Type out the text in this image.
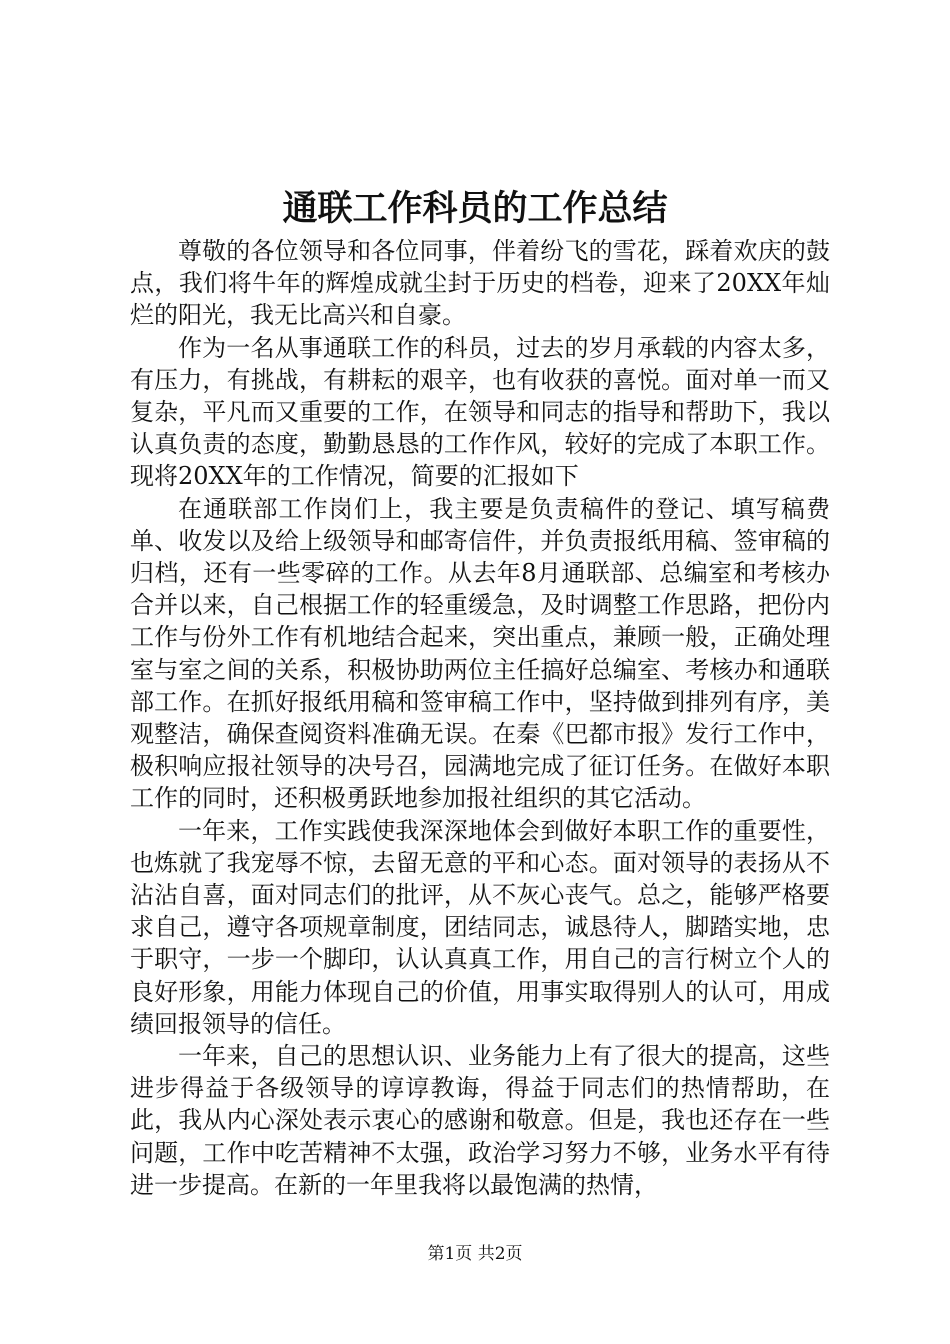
通联工作科员的工作总结

尊敬的各位领导和各位同事，伴着纷飞的雪花，踩着欢庆的鼓点，我们将牛年的辉煌成就尘封于历史的档卷，迎来了20XX年灿烂的阳光，我无比高兴和自豪。

作为一名从事通联工作的科员，过去的岁月承载的内容太多，有压力，有挑战，有耕耘的艰辛，也有收获的喜悦。面对单一而又复杂，平凡而又重要的工作，在领导和同志的指导和帮助下，我以认真负责的态度，勤勤恳恳的工作作风，较好的完成了本职工作。现将20XX年的工作情况，简要的汇报如下

在通联部工作岗们上，我主要是负责稿件的登记、填写稿费单、收发以及给上级领导和邮寄信件，并负责报纸用稿、签审稿的归档，还有一些零碎的工作。从去年8月通联部、总编室和考核办合并以来，自己根据工作的轻重缓急，及时调整工作思路，把份内工作与份外工作有机地结合起来，突出重点，兼顾一般，正确处理室与室之间的关系，积极协助两位主任搞好总编室、考核办和通联部工作。在抓好报纸用稿和签审稿工作中，坚持做到排列有序，美观整洁，确保查阅资料准确无误。在秦《巴都市报》发行工作中，极积响应报社领导的决号召，园满地完成了征订任务。在做好本职工作的同时，还积极勇跃地参加报社组织的其它活动。

一年来，工作实践使我深深地体会到做好本职工作的重要性，也炼就了我宠辱不惊，去留无意的平和心态。面对领导的表扬从不沾沾自喜，面对同志们的批评，从不灰心丧气。总之，能够严格要求自己，遵守各项规章制度，团结同志，诚恳待人，脚踏实地，忠于职守，一步一个脚印，认认真真工作，用自己的言行树立个人的良好形象，用能力体现自己的价值，用事实取得别人的认可，用成绩回报领导的信任。

一年来，自己的思想认识、业务能力上有了很大的提高，这些进步得益于各级领导的谆谆教诲，得益于同志们的热情帮助，在此，我从内心深处表示衷心的感谢和敬意。但是，我也还存在一些问题，工作中吃苦精神不太强，政治学习努力不够，业务水平有待进一步提高。在新的一年里我将以最饱满的热情，

第1页 共2页
